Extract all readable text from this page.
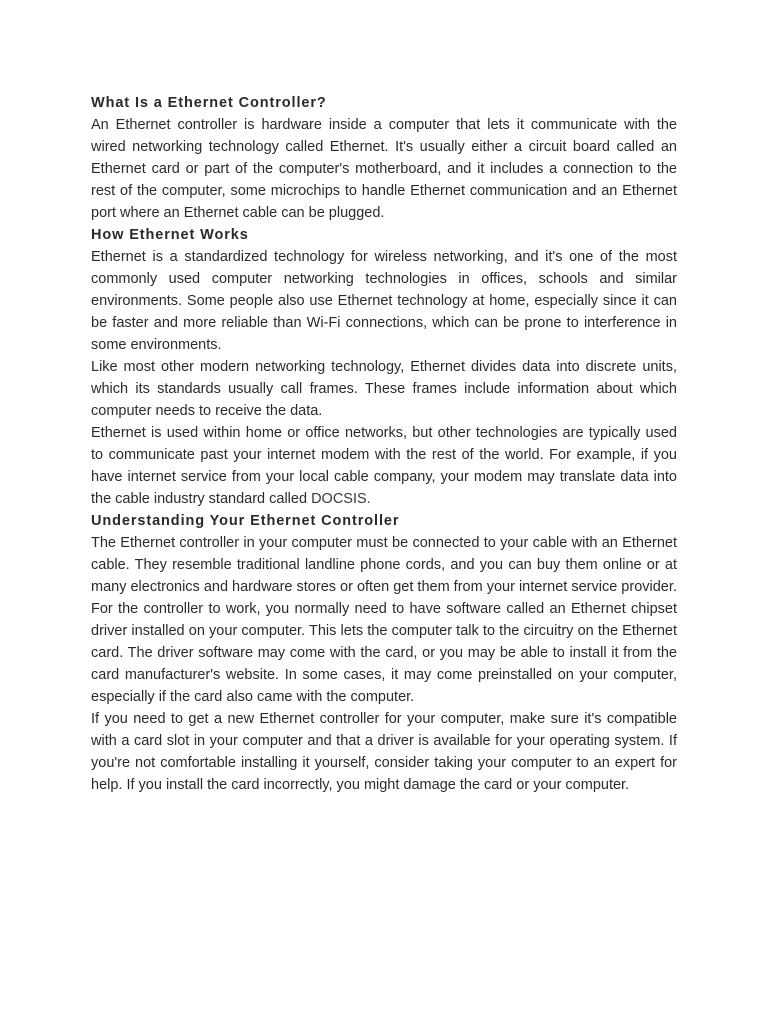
What Is a Ethernet Controller?

An Ethernet controller is hardware inside a computer that lets it communicate with the wired networking technology called Ethernet. It's usually either a circuit board called an Ethernet card or part of the computer's motherboard, and it includes a connection to the rest of the computer, some microchips to handle Ethernet communication and an Ethernet port where an Ethernet cable can be plugged.

How Ethernet Works

Ethernet is a standardized technology for wireless networking, and it's one of the most commonly used computer networking technologies in offices, schools and similar environments. Some people also use Ethernet technology at home, especially since it can be faster and more reliable than Wi-Fi connections, which can be prone to interference in some environments.

Like most other modern networking technology, Ethernet divides data into discrete units, which its standards usually call frames. These frames include information about which computer needs to receive the data.

Ethernet is used within home or office networks, but other technologies are typically used to communicate past your internet modem with the rest of the world. For example, if you have internet service from your local cable company, your modem may translate data into the cable industry standard called DOCSIS.

Understanding Your Ethernet Controller

The Ethernet controller in your computer must be connected to your cable with an Ethernet cable. They resemble traditional landline phone cords, and you can buy them online or at many electronics and hardware stores or often get them from your internet service provider.

For the controller to work, you normally need to have software called an Ethernet chipset driver installed on your computer. This lets the computer talk to the circuitry on the Ethernet card. The driver software may come with the card, or you may be able to install it from the card manufacturer's website. In some cases, it may come preinstalled on your computer, especially if the card also came with the computer.

If you need to get a new Ethernet controller for your computer, make sure it's compatible with a card slot in your computer and that a driver is available for your operating system. If you're not comfortable installing it yourself, consider taking your computer to an expert for help. If you install the card incorrectly, you might damage the card or your computer.
